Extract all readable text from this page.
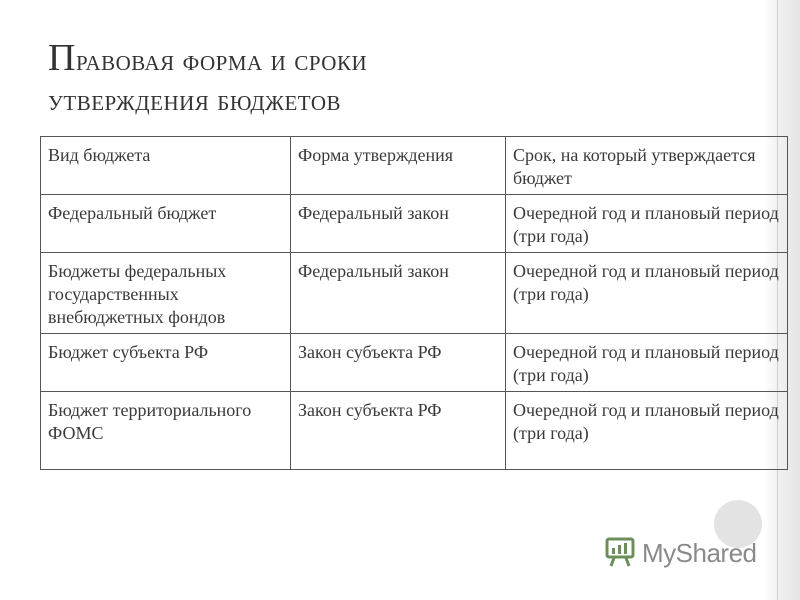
Правовая форма и сроки
утверждения бюджетов
Вид бюджета	Форма утверждения	Срок, на который утверждается бюджет
Федеральный бюджет	Федеральный закон	Очередной год и плановый период (три года)
Бюджеты федеральных государственных внебюджетных фондов	Федеральный закон	Очередной год и плановый период (три года)
Бюджет субъекта РФ	Закон субъекта РФ	Очередной год и плановый период (три года)
Бюджет территориального ФОМС	Закон субъекта РФ	Очередной год и плановый период (три года)
MyShared
